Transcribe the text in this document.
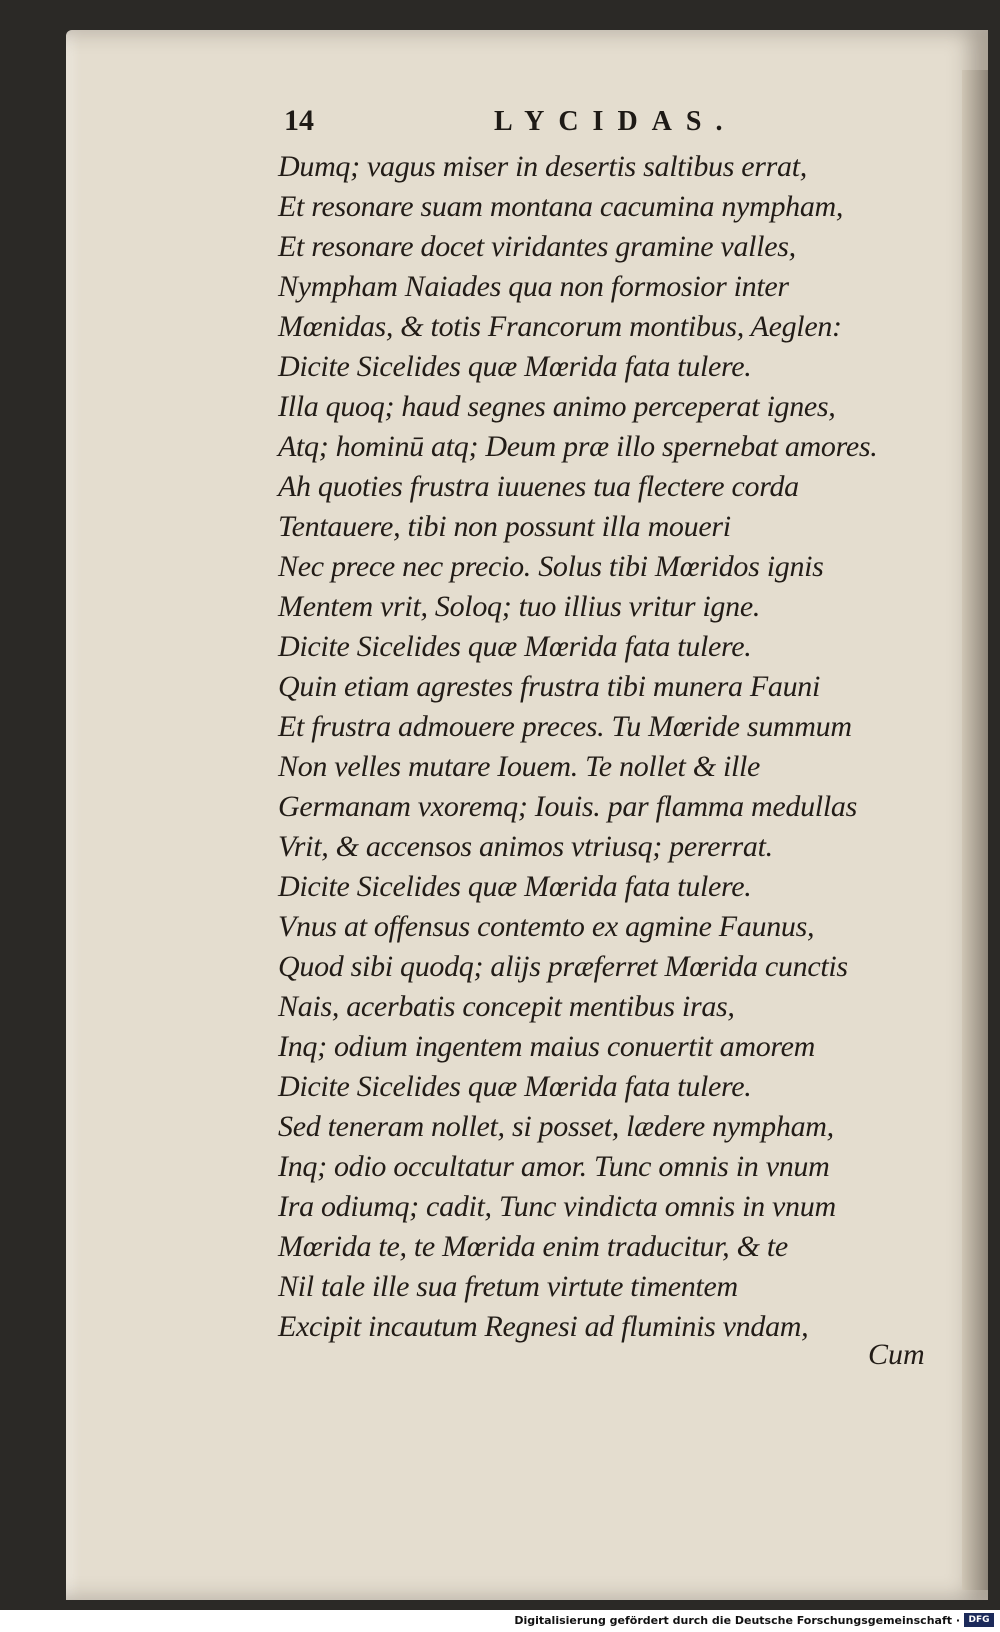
14	LYCIDAS.
Dumq; vagus miser in desertis saltibus errat,
Et resonare suam montana cacumina nympham,
Et resonare docet viridantes gramine valles,
Nympham Naiades qua non formosior inter
Mœnidas, & totis Francorum montibus, Aeglen:
Dicite Sicelides quæ Mœrida fata tulere.
Illa quoq; haud segnes animo perceperat ignes,
Atq; hominū atq; Deum præ illo spernebat amores.
Ah quoties frustra iuuenes tua flectere corda
Tentauere, tibi non possunt illa moueri
Nec prece nec precio. Solus tibi Mœridos ignis
Mentem vrit, Soloq; tuo illius vritur igne.
Dicite Sicelides quæ Mœrida fata tulere.
Quin etiam agrestes frustra tibi munera Fauni
Et frustra admouere preces. Tu Mœride summum
Non velles mutare Iouem. Te nollet & ille
Germanam vxoremq; Iouis. par flamma medullas
Vrit, & accensos animos vtriusq; pererrat.
Dicite Sicelides quæ Mœrida fata tulere.
Vnus at offensus contemto ex agmine Faunus,
Quod sibi quodq; alijs præferret Mœrida cunctis
Nais, acerbatis concepit mentibus iras,
Inq; odium ingentem maius conuertit amorem
Dicite Sicelides quæ Mœrida fata tulere.
Sed teneram nollet, si posset, lædere nympham,
Inq; odio occultatur amor. Tunc omnis in vnum
Ira odiumq; cadit, Tunc vindicta omnis in vnum
Mœrida te, te Mœrida enim traducitur, & te
Nil tale ille sua fretum virtute timentem
Excipit incautum Regnesi ad fluminis vndam,
Cum
Digitalisierung gefördert durch die Deutsche Forschungsgemeinschaft · DFG
